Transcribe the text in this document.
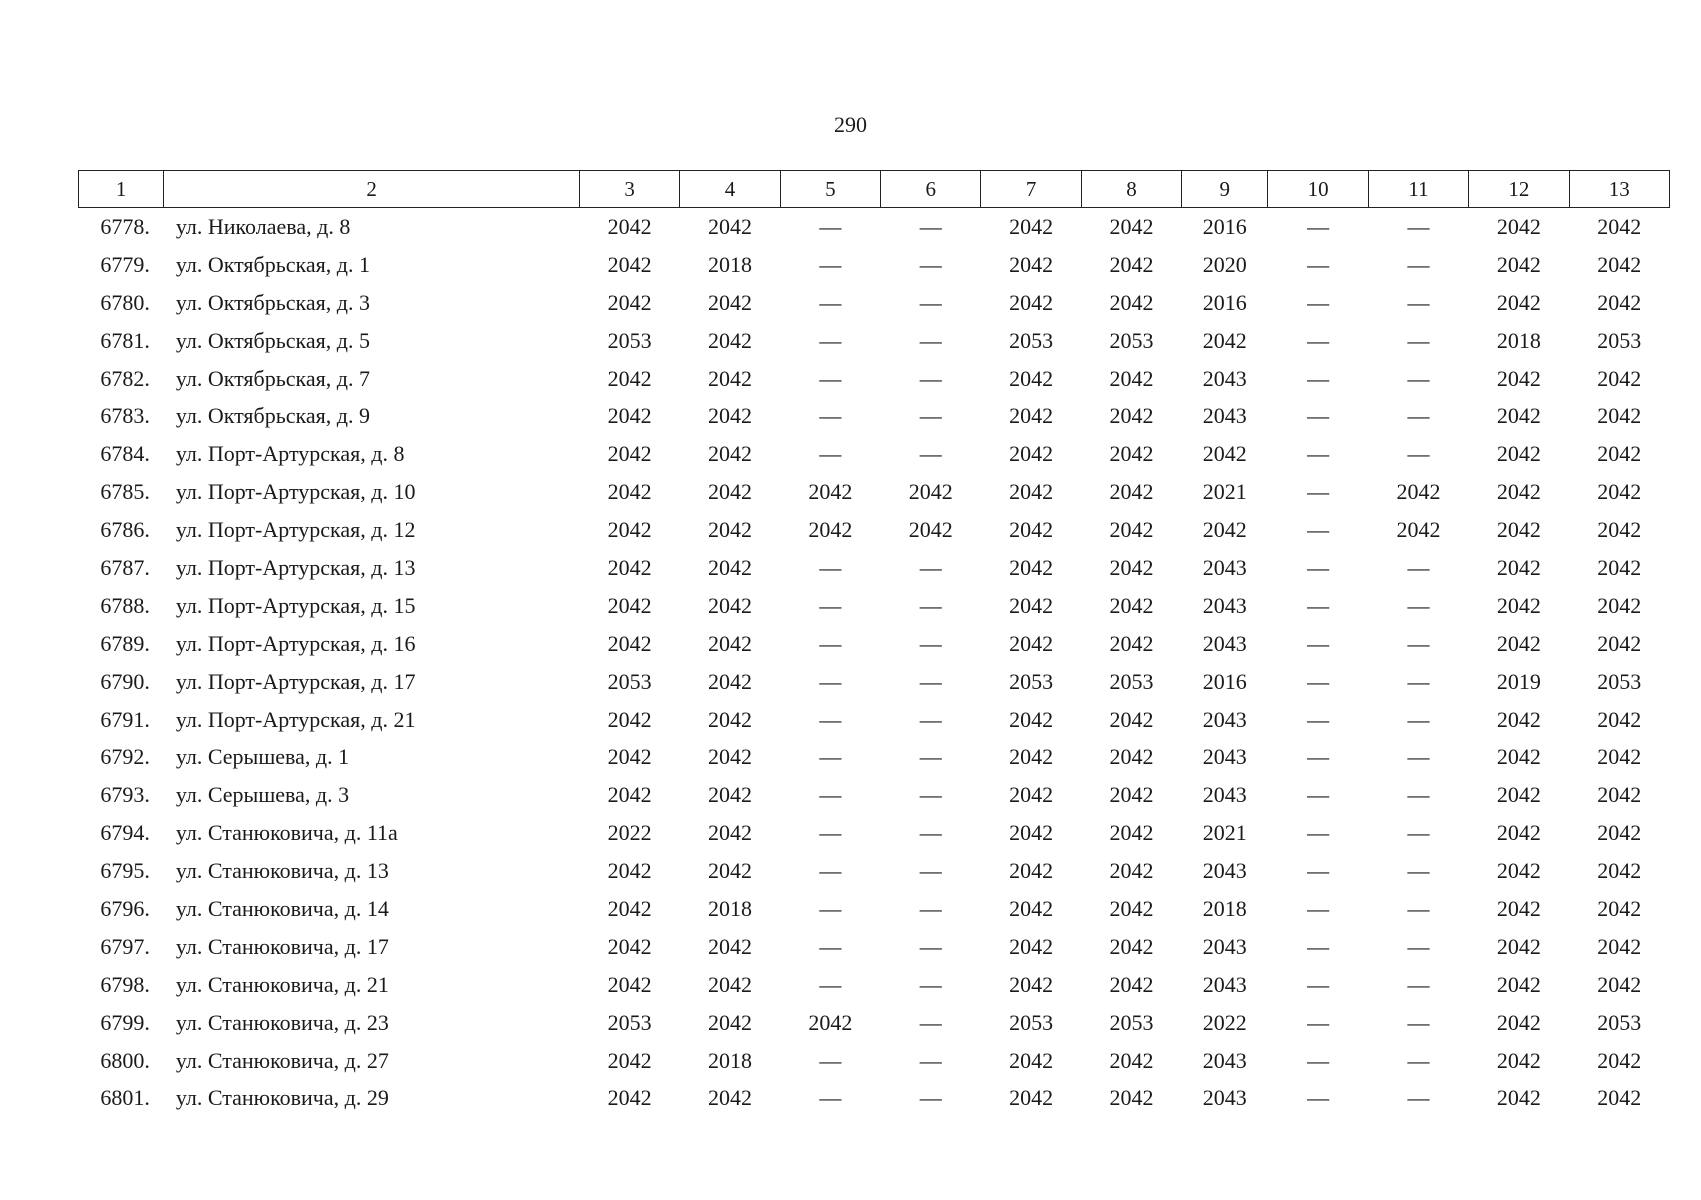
290
1	2	3	4	5	6	7	8	9	10	11	12	13
6778.	ул. Николаева, д. 8	2042	2042	—	—	2042	2042	2016	—	—	2042	2042
6779.	ул. Октябрьская, д. 1	2042	2018	—	—	2042	2042	2020	—	—	2042	2042
6780.	ул. Октябрьская, д. 3	2042	2042	—	—	2042	2042	2016	—	—	2042	2042
6781.	ул. Октябрьская, д. 5	2053	2042	—	—	2053	2053	2042	—	—	2018	2053
6782.	ул. Октябрьская, д. 7	2042	2042	—	—	2042	2042	2043	—	—	2042	2042
6783.	ул. Октябрьская, д. 9	2042	2042	—	—	2042	2042	2043	—	—	2042	2042
6784.	ул. Порт-Артурская, д. 8	2042	2042	—	—	2042	2042	2042	—	—	2042	2042
6785.	ул. Порт-Артурская, д. 10	2042	2042	2042	2042	2042	2042	2021	—	2042	2042	2042
6786.	ул. Порт-Артурская, д. 12	2042	2042	2042	2042	2042	2042	2042	—	2042	2042	2042
6787.	ул. Порт-Артурская, д. 13	2042	2042	—	—	2042	2042	2043	—	—	2042	2042
6788.	ул. Порт-Артурская, д. 15	2042	2042	—	—	2042	2042	2043	—	—	2042	2042
6789.	ул. Порт-Артурская, д. 16	2042	2042	—	—	2042	2042	2043	—	—	2042	2042
6790.	ул. Порт-Артурская, д. 17	2053	2042	—	—	2053	2053	2016	—	—	2019	2053
6791.	ул. Порт-Артурская, д. 21	2042	2042	—	—	2042	2042	2043	—	—	2042	2042
6792.	ул. Серышева, д. 1	2042	2042	—	—	2042	2042	2043	—	—	2042	2042
6793.	ул. Серышева, д. 3	2042	2042	—	—	2042	2042	2043	—	—	2042	2042
6794.	ул. Станюковича, д. 11а	2022	2042	—	—	2042	2042	2021	—	—	2042	2042
6795.	ул. Станюковича, д. 13	2042	2042	—	—	2042	2042	2043	—	—	2042	2042
6796.	ул. Станюковича, д. 14	2042	2018	—	—	2042	2042	2018	—	—	2042	2042
6797.	ул. Станюковича, д. 17	2042	2042	—	—	2042	2042	2043	—	—	2042	2042
6798.	ул. Станюковича, д. 21	2042	2042	—	—	2042	2042	2043	—	—	2042	2042
6799.	ул. Станюковича, д. 23	2053	2042	2042	—	2053	2053	2022	—	—	2042	2053
6800.	ул. Станюковича, д. 27	2042	2018	—	—	2042	2042	2043	—	—	2042	2042
6801.	ул. Станюковича, д. 29	2042	2042	—	—	2042	2042	2043	—	—	2042	2042
